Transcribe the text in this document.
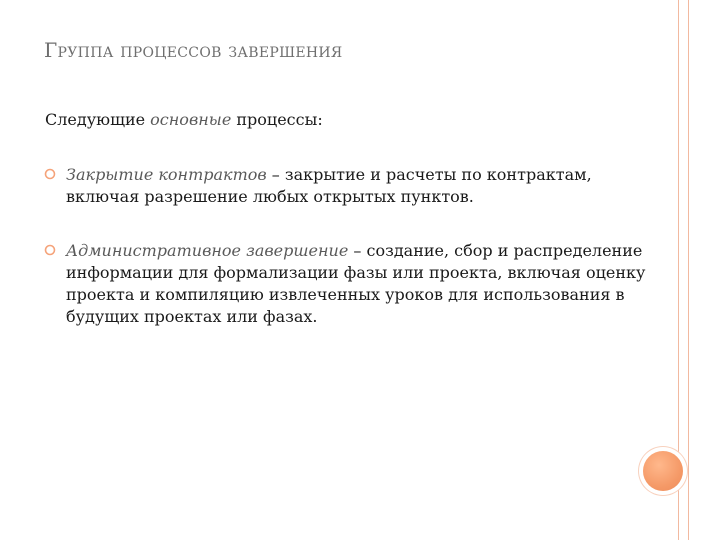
Группа процессов завершения
Следующие основные процессы:
Закрытие контрактов – закрытие и расчеты по контрактам, включая разрешение любых открытых пунктов.
Административное завершение – создание, сбор и распределение информации для формализации фазы или проекта, включая оценку проекта и компиляцию извлеченных уроков для использования в будущих проектах или фазах.
